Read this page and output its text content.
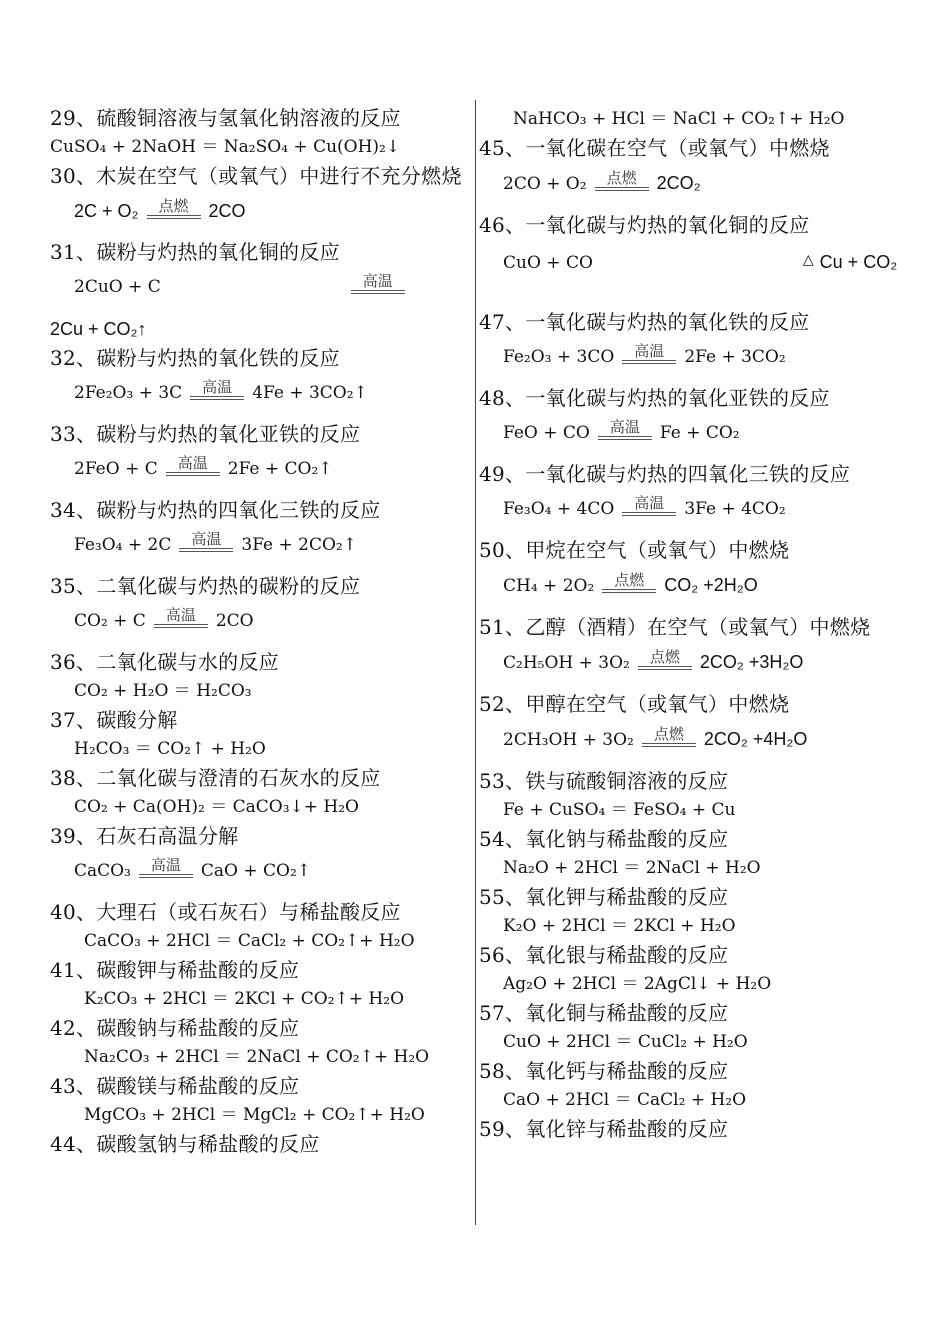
29、硫酸铜溶液与氢氧化钠溶液的反应
CuSO₄ + 2NaOH ＝ Na₂SO₄ + Cu(OH)₂↓
30、木炭在空气（或氧气）中进行不充分燃烧
2C + O₂ 点燃 2CO
31、碳粉与灼热的氧化铜的反应
2CuO + C	高温
2Cu + CO₂↑
32、碳粉与灼热的氧化铁的反应
2Fe₂O₃ + 3C 高温 4Fe + 3CO₂↑
33、碳粉与灼热的氧化亚铁的反应
2FeO + C 高温 2Fe + CO₂↑
34、碳粉与灼热的四氧化三铁的反应
Fe₃O₄ + 2C 高温 3Fe + 2CO₂↑
35、二氧化碳与灼热的碳粉的反应
CO₂ + C 高温 2CO
36、二氧化碳与水的反应
CO₂ + H₂O ＝ H₂CO₃
37、碳酸分解
H₂CO₃ ＝ CO₂↑ + H₂O
38、二氧化碳与澄清的石灰水的反应
CO₂ + Ca(OH)₂ ＝ CaCO₃↓+ H₂O
39、石灰石高温分解
CaCO₃ 高温 CaO + CO₂↑
40、大理石（或石灰石）与稀盐酸反应
CaCO₃ + 2HCl ＝ CaCl₂ + CO₂↑+ H₂O
41、碳酸钾与稀盐酸的反应
K₂CO₃ + 2HCl ＝ 2KCl + CO₂↑+ H₂O
42、碳酸钠与稀盐酸的反应
Na₂CO₃ + 2HCl ＝ 2NaCl + CO₂↑+ H₂O
43、碳酸镁与稀盐酸的反应
MgCO₃ + 2HCl ＝ MgCl₂ + CO₂↑+ H₂O
44、碳酸氢钠与稀盐酸的反应
NaHCO₃ + HCl ＝ NaCl + CO₂↑+ H₂O
45、一氧化碳在空气（或氧气）中燃烧
2CO + O₂ 点燃 2CO₂
46、一氧化碳与灼热的氧化铜的反应
CuO + CO	△ Cu + CO₂
47、一氧化碳与灼热的氧化铁的反应
Fe₂O₃ + 3CO 高温 2Fe + 3CO₂
48、一氧化碳与灼热的氧化亚铁的反应
FeO + CO 高温 Fe + CO₂
49、一氧化碳与灼热的四氧化三铁的反应
Fe₃O₄ + 4CO 高温 3Fe + 4CO₂
50、甲烷在空气（或氧气）中燃烧
CH₄ + 2O₂ 点燃 CO₂ +2H₂O
51、乙醇（酒精）在空气（或氧气）中燃烧
C₂H₅OH + 3O₂ 点燃 2CO₂ +3H₂O
52、甲醇在空气（或氧气）中燃烧
2CH₃OH + 3O₂ 点燃 2CO₂ +4H₂O
53、铁与硫酸铜溶液的反应
Fe + CuSO₄ ＝ FeSO₄ + Cu
54、氧化钠与稀盐酸的反应
Na₂O + 2HCl ＝ 2NaCl + H₂O
55、氧化钾与稀盐酸的反应
K₂O + 2HCl ＝ 2KCl + H₂O
56、氧化银与稀盐酸的反应
Ag₂O + 2HCl ＝ 2AgCl↓ + H₂O
57、氧化铜与稀盐酸的反应
CuO + 2HCl ＝ CuCl₂ + H₂O
58、氧化钙与稀盐酸的反应
CaO + 2HCl ＝ CaCl₂ + H₂O
59、氧化锌与稀盐酸的反应
